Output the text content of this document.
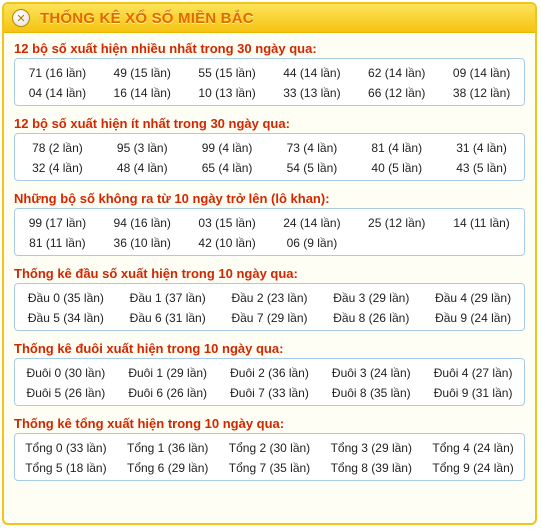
✕ THỐNG KÊ XỔ SỐ MIỀN BẮC
12 bộ số xuất hiện nhiều nhất trong 30 ngày qua:
71 (16 lần)	49 (15 lần)	55 (15 lần)	44 (14 lần)	62 (14 lần)	09 (14 lần)
04 (14 lần)	16 (14 lần)	10 (13 lần)	33 (13 lần)	66 (12 lần)	38 (12 lần)
12 bộ số xuất hiện ít nhất trong 30 ngày qua:
78 (2 lần)	95 (3 lần)	99 (4 lần)	73 (4 lần)	81 (4 lần)	31 (4 lần)
32 (4 lần)	48 (4 lần)	65 (4 lần)	54 (5 lần)	40 (5 lần)	43 (5 lần)
Những bộ số không ra từ 10 ngày trở lên (lô khan):
99 (17 lần)	94 (16 lần)	03 (15 lần)	24 (14 lần)	25 (12 lần)	14 (11 lần)
81 (11 lần)	36 (10 lần)	42 (10 lần)	06 (9 lần)
Thống kê đầu số xuất hiện trong 10 ngày qua:
Đầu 0 (35 lần)	Đầu 1 (37 lần)	Đầu 2 (23 lần)	Đầu 3 (29 lần)	Đầu 4 (29 lần)
Đầu 5 (34 lần)	Đầu 6 (31 lần)	Đầu 7 (29 lần)	Đầu 8 (26 lần)	Đầu 9 (24 lần)
Thống kê đuôi xuất hiện trong 10 ngày qua:
Đuôi 0 (30 lần)	Đuôi 1 (29 lần)	Đuôi 2 (36 lần)	Đuôi 3 (24 lần)	Đuôi 4 (27 lần)
Đuôi 5 (26 lần)	Đuôi 6 (26 lần)	Đuôi 7 (33 lần)	Đuôi 8 (35 lần)	Đuôi 9 (31 lần)
Thống kê tổng xuất hiện trong 10 ngày qua:
Tổng 0 (33 lần)	Tổng 1 (36 lần)	Tổng 2 (30 lần)	Tổng 3 (29 lần)	Tổng 4 (24 lần)
Tổng 5 (18 lần)	Tổng 6 (29 lần)	Tổng 7 (35 lần)	Tổng 8 (39 lần)	Tổng 9 (24 lần)
